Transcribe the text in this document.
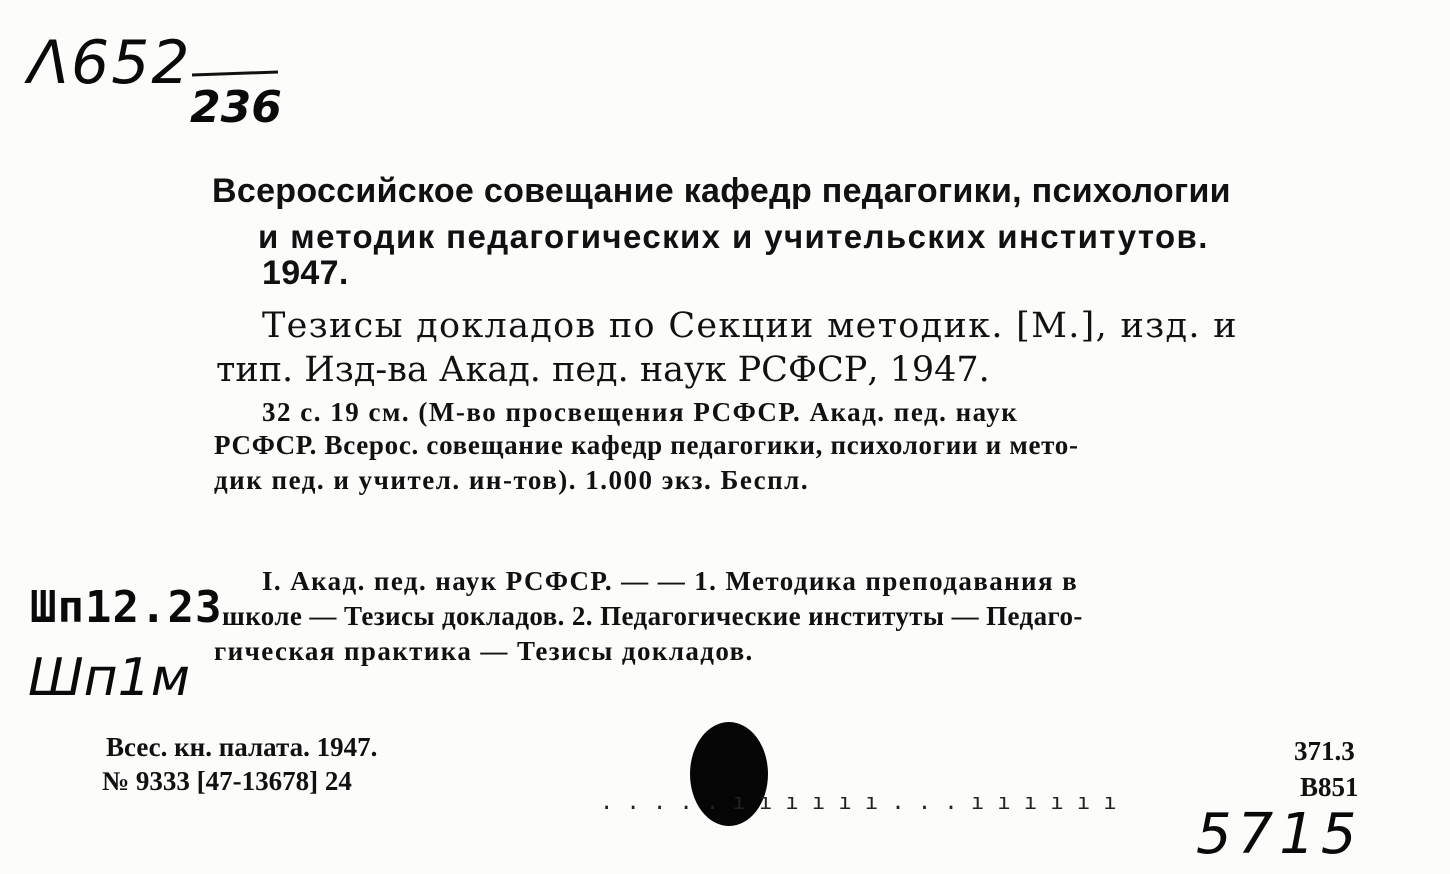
Λ652
236
Всероссийское совещание кафедр педагогики, психологии
и методик педагогических и учительских институтов.
1947.
Тезисы докладов по Секции методик. [М.], изд. и
тип. Изд-ва Акад. пед. наук РСФСР, 1947.
32 с. 19 см. (М-во просвещения РСФСР. Акад. пед. наук
РСФСР. Всерос. совещание кафедр педагогики, психологии и мето-
дик пед. и учител. ин-тов). 1.000 экз. Беспл.
I. Акад. пед. наук РСФСР. — — 1. Методика преподавания в
школе — Тезисы докладов. 2. Педагогические институты — Педаго-
гическая практика — Тезисы докладов.
Шп12.23
Шп1м
Всес. кн. палата. 1947.
№ 9333 [47-13678] 24
371.3
В851
. . . . . ı ı ı ı ı ı . . . ı ı ı ı ı ı 5715
